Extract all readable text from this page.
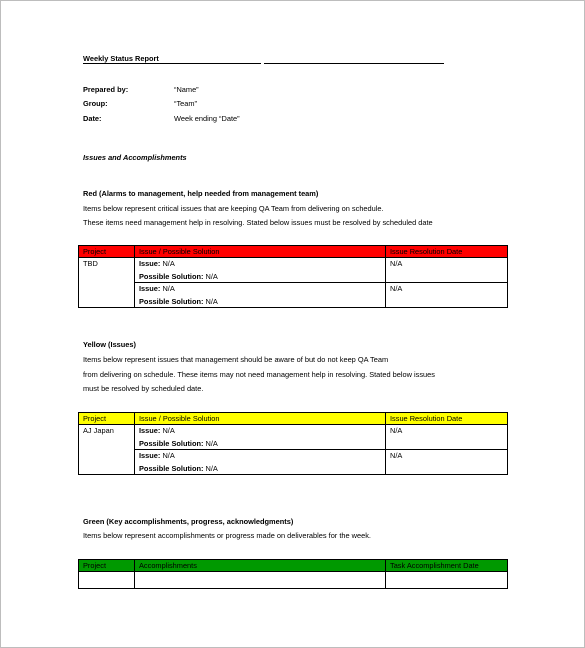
Weekly Status Report
Prepared by:	“Name”
Group:	“Team”
Date:	Week ending “Date”
Issues and Accomplishments
Red (Alarms to management, help needed from management team)
Items below represent critical issues that are keeping QA Team from delivering on schedule.
These items need management help in resolving. Stated below issues must be resolved by scheduled date
Project	Issue / Possible Solution	Issue Resolution Date
TBD	Issue: N/A
Possible Solution: N/A	N/A

	Issue: N/A
Possible Solution: N/A	N/A
Yellow (Issues)
Items below represent issues that management should be aware of but do not keep QA Team
from delivering on schedule. These items may not need management help in resolving. Stated below issues
must be resolved by scheduled date.
Project	Issue / Possible Solution	Issue Resolution Date
AJ Japan	Issue: N/A
Possible Solution: N/A	N/A

	Issue: N/A
Possible Solution: N/A	N/A
Green (Key accomplishments, progress, acknowledgments)
Items below represent accomplishments or progress made on deliverables for the week.
Project	Accomplishments	Task Accomplishment Date
